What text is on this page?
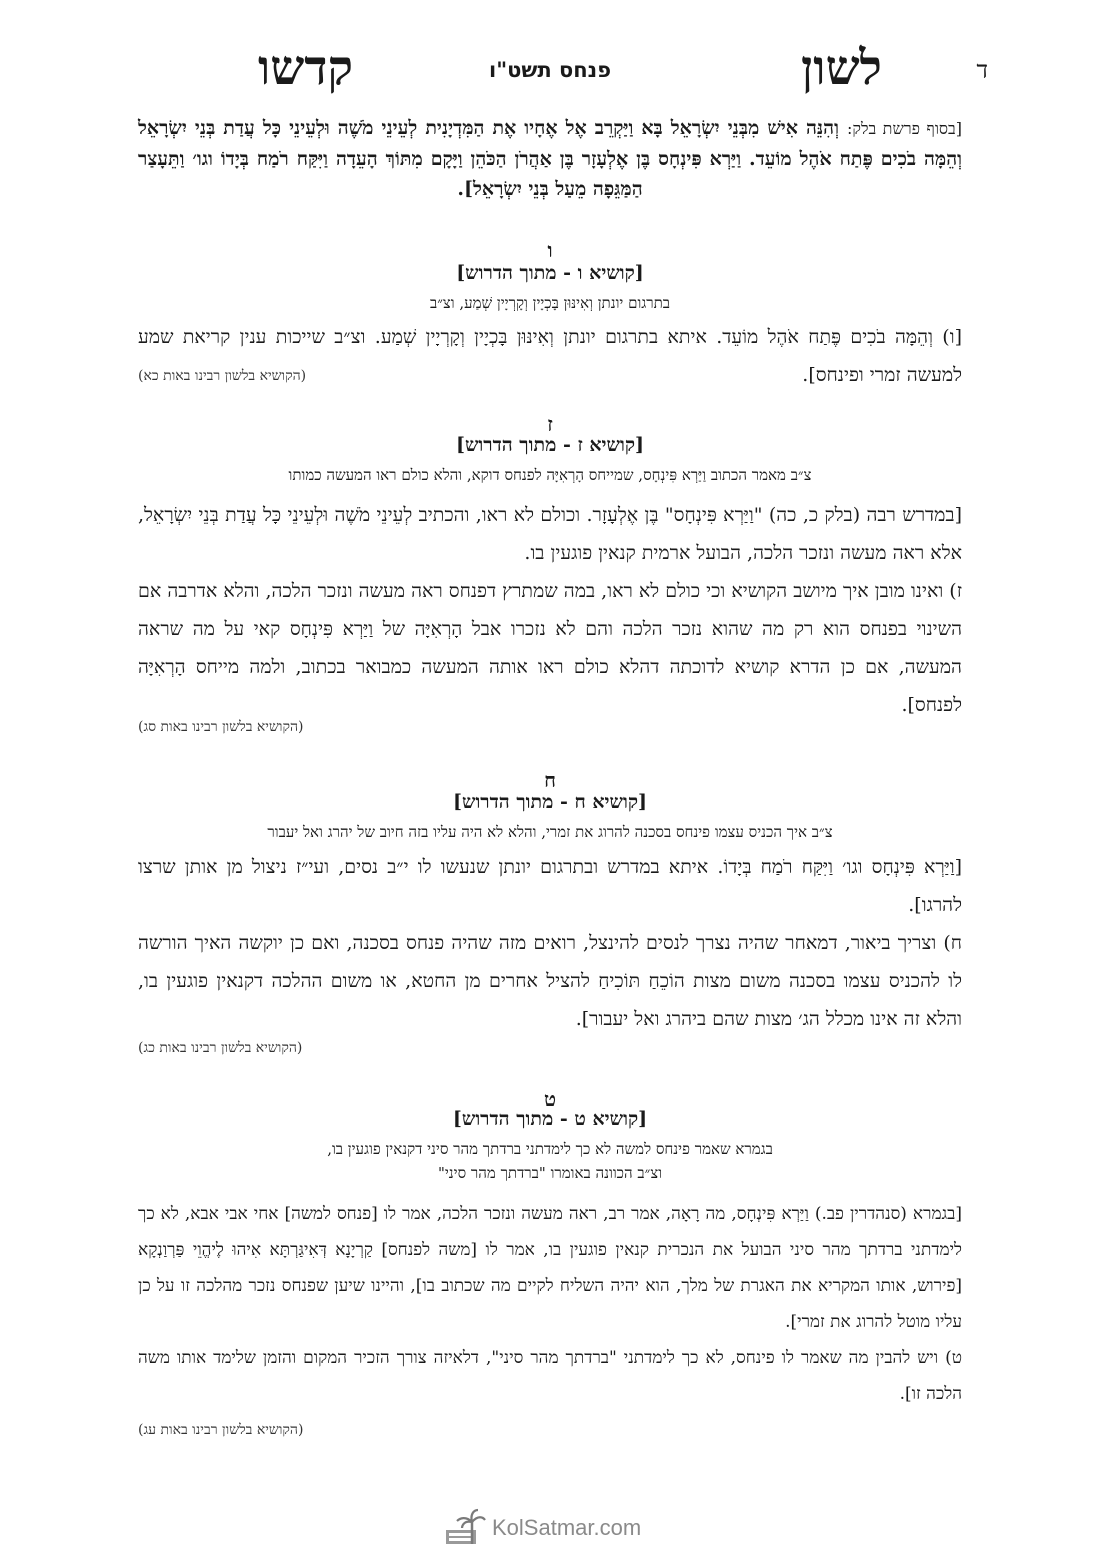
ד
לשון
פנחס תשט"ו
קדשו
[בסוף פרשת בלק: וְהִנֵּה אִישׁ מִבְּנֵי יִשְׂרָאֵל בָּא וַיַּקְרֵב אֶל אֶחָיו אֶת הַמִּדְיָנִית לְעֵינֵי מֹשֶׁה וּלְעֵינֵי כָּל עֲדַת בְּנֵי יִשְׂרָאֵל וְהֵמָּה בֹכִים פֶּתַח אֹהֶל מוֹעֵד. וַיַּרְא פִּינְחָס בֶּן אֶלְעָזָר בֶּן אַהֲרֹן הַכֹּהֵן וַיָּקָם מִתּוֹךְ הָעֵדָה וַיִּקַּח רֹמַח בְּיָדוֹ וגו׳ וַתֵּעָצַר הַמַּגֵּפָה מֵעַל בְּנֵי יִשְׂרָאֵל].
ו
[קושיא ו - מתוך הדרוש]
בתרגום יונתן וְאִינּוּן בָּכְיָין וְקָרְיָין שְׁמַע, וצ״ב
[ו) וְהֵמָּה בֹכִים פֶּתַח אֹהֶל מוֹעֵד. איתא בתרגום יונתן וְאִינּוּן בָּכְיָין וְקָרְיָין שְׁמַע. וצ״ב שייכות ענין קריאת שמע למעשה זמרי ופינחס].
(הקושיא בלשון רבינו באות כא)
ז
[קושיא ז - מתוך הדרוש]
צ״ב מאמר הכתוב וַיַּרְא פִּינְחָס, שמייחס הָרְאִיָּה לפנחס דוקא, והלא כולם ראו המעשה כמותו
[במדרש רבה (בלק כ, כה) "וַיַּרְא פִּינְחָס" בֶּן אֶלְעָזָר. וכולם לא ראו, והכתיב לְעֵינֵי מֹשֶׁה וּלְעֵינֵי כָּל עֲדַת בְּנֵי יִשְׂרָאֵל, אלא ראה מעשה ונזכר הלכה, הבועל ארמית קנאין פוגעין בו.
ז) ואינו מובן איך מיושב הקושיא וכי כולם לא ראו, במה שמתרץ דפנחס ראה מעשה ונזכר הלכה, והלא אדרבה אם השינוי בפנחס הוא רק מה שהוא נזכר הלכה והם לא נזכרו אבל הָרְאִיָּה של וַיַּרְא פִּינְחָס קאי על מה שראה המעשה, אם כן הדרא קושיא לדוכתה דהלא כולם ראו אותה המעשה כמבואר בכתוב, ולמה מייחס הָרְאִיָּה לפנחס].
(הקושיא בלשון רבינו באות סג)
ח
[קושיא ח - מתוך הדרוש]
צ״ב איך הכניס עצמו פינחס בסכנה להרוג את זמרי, והלא לא היה עליו בזה חיוב של יהרג ואל יעבור
[וַיַּרְא פִּינְחָס וגו׳ וַיִּקַּח רֹמַח בְּיָדוֹ. איתא במדרש ובתרגום יונתן שנעשו לו י״ב נסים, ועי״ז ניצול מן אותן שרצו להרגו].
ח) וצריך ביאור, דמאחר שהיה נצרך לנסים להינצל, רואים מזה שהיה פנחס בסכנה, ואם כן יוקשה האיך הורשה לו להכניס עצמו בסכנה משום מצות הוֹכֵחַ תּוֹכִיחַ להציל אחרים מן החטא, או משום ההלכה דקנאין פוגעין בו, והלא זה אינו מכלל הג׳ מצות שהם ביהרג ואל יעבור].
(הקושיא בלשון רבינו באות כג)
ט
[קושיא ט - מתוך הדרוש]
בגמרא שאמר פינחס למשה לא כך לימדתני ברדתך מהר סיני דקנאין פוגעין בו,
וצ״ב הכוונה באומרו "ברדתך מהר סיני"
[בגמרא (סנהדרין פב.) וַיַּרְא פִּינְחָס, מה רָאָה, אמר רב, ראה מעשה ונזכר הלכה, אמר לו [פנחס למשה] אחי אבי אבא, לא כך לימדתני ברדתך מהר סיני הבועל את הנכרית קנאין פוגעין בו, אמר לו [משה לפנחס] קַרְיָנָא דְּאִיגַּרְתָּא אִיהוּ לֶיהֱוֵי פַּרְוַנְקָא [פירוש, אותו המקריא את האגרת של מלך, הוא יהיה השליח לקיים מה שכתוב בו], והיינו שיען שפנחס נזכר מהלכה זו על כן עליו מוטל להרוג את זמרי].
ט) ויש להבין מה שאמר לו פינחס, לא כך לימדתני "ברדתך מהר סיני", דלאיזה צורך הזכיר המקום והזמן שלימד אותו משה הלכה זו].
(הקושיא בלשון רבינו באות עג)
KolSatmar.com
